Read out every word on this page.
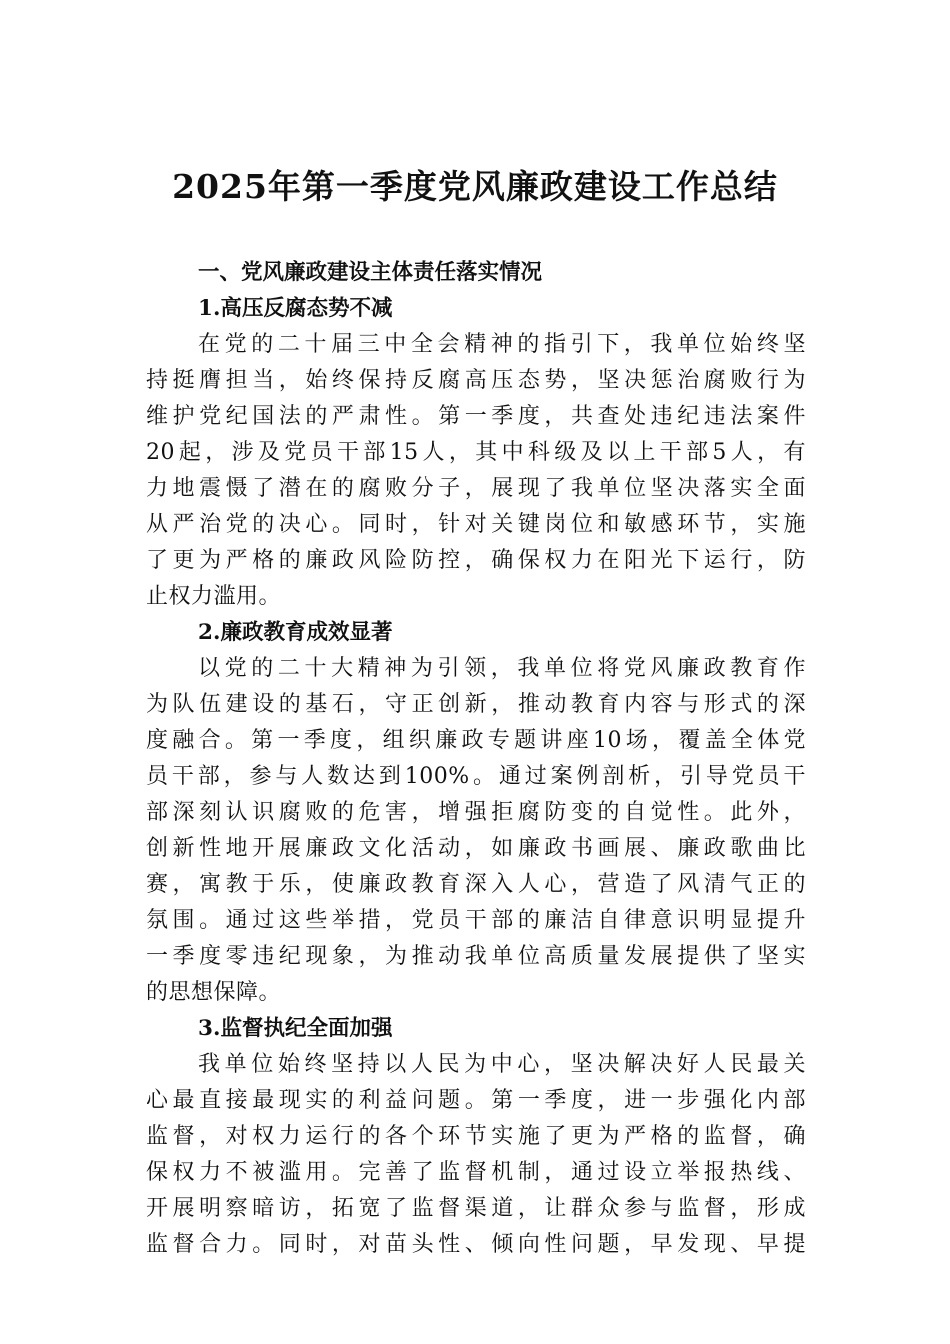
2025年第一季度党风廉政建设工作总结
一、党风廉政建设主体责任落实情况
1.高压反腐态势不减
在党的二十届三中全会精神的指引下，我单位始终坚
持挺膺担当，始终保持反腐高压态势，坚决惩治腐败行为
维护党纪国法的严肃性。第一季度，共查处违纪违法案件
20起，涉及党员干部15人，其中科级及以上干部5人，有
力地震慑了潜在的腐败分子，展现了我单位坚决落实全面
从严治党的决心。同时，针对关键岗位和敏感环节，实施
了更为严格的廉政风险防控，确保权力在阳光下运行，防
止权力滥用。
2.廉政教育成效显著
以党的二十大精神为引领，我单位将党风廉政教育作
为队伍建设的基石，守正创新，推动教育内容与形式的深
度融合。第一季度，组织廉政专题讲座10场，覆盖全体党
员干部，参与人数达到100%。通过案例剖析，引导党员干
部深刻认识腐败的危害，增强拒腐防变的自觉性。此外，
创新性地开展廉政文化活动，如廉政书画展、廉政歌曲比
赛，寓教于乐，使廉政教育深入人心，营造了风清气正的
氛围。通过这些举措，党员干部的廉洁自律意识明显提升
一季度零违纪现象，为推动我单位高质量发展提供了坚实
的思想保障。
3.监督执纪全面加强
我单位始终坚持以人民为中心，坚决解决好人民最关
心最直接最现实的利益问题。第一季度，进一步强化内部
监督，对权力运行的各个环节实施了更为严格的监督，确
保权力不被滥用。完善了监督机制，通过设立举报热线、
开展明察暗访，拓宽了监督渠道，让群众参与监督，形成
监督合力。同时，对苗头性、倾向性问题，早发现、早提
